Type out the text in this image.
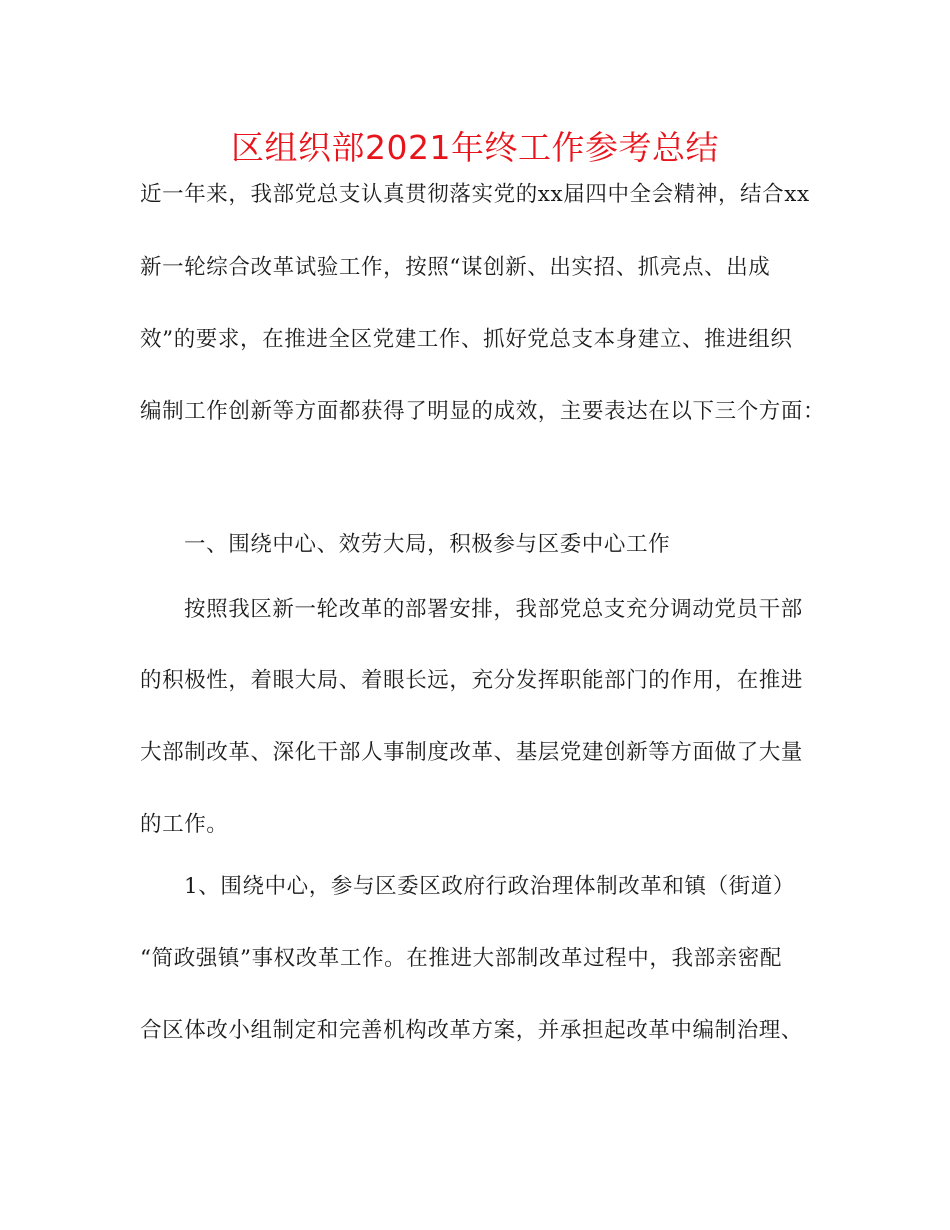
区组织部2021年终工作参考总结
近一年来，我部党总支认真贯彻落实党的xx届四中全会精神，结合xx
新一轮综合改革试验工作，按照“谋创新、出实招、抓亮点、出成
效”的要求，在推进全区党建工作、抓好党总支本身建立、推进组织
编制工作创新等方面都获得了明显的成效，主要表达在以下三个方面：
一、围绕中心、效劳大局，积极参与区委中心工作
按照我区新一轮改革的部署安排，我部党总支充分调动党员干部
的积极性，着眼大局、着眼长远，充分发挥职能部门的作用，在推进
大部制改革、深化干部人事制度改革、基层党建创新等方面做了大量
的工作。
1、围绕中心，参与区委区政府行政治理体制改革和镇（街道）
“简政强镇”事权改革工作。在推进大部制改革过程中，我部亲密配
合区体改小组制定和完善机构改革方案，并承担起改革中编制治理、
